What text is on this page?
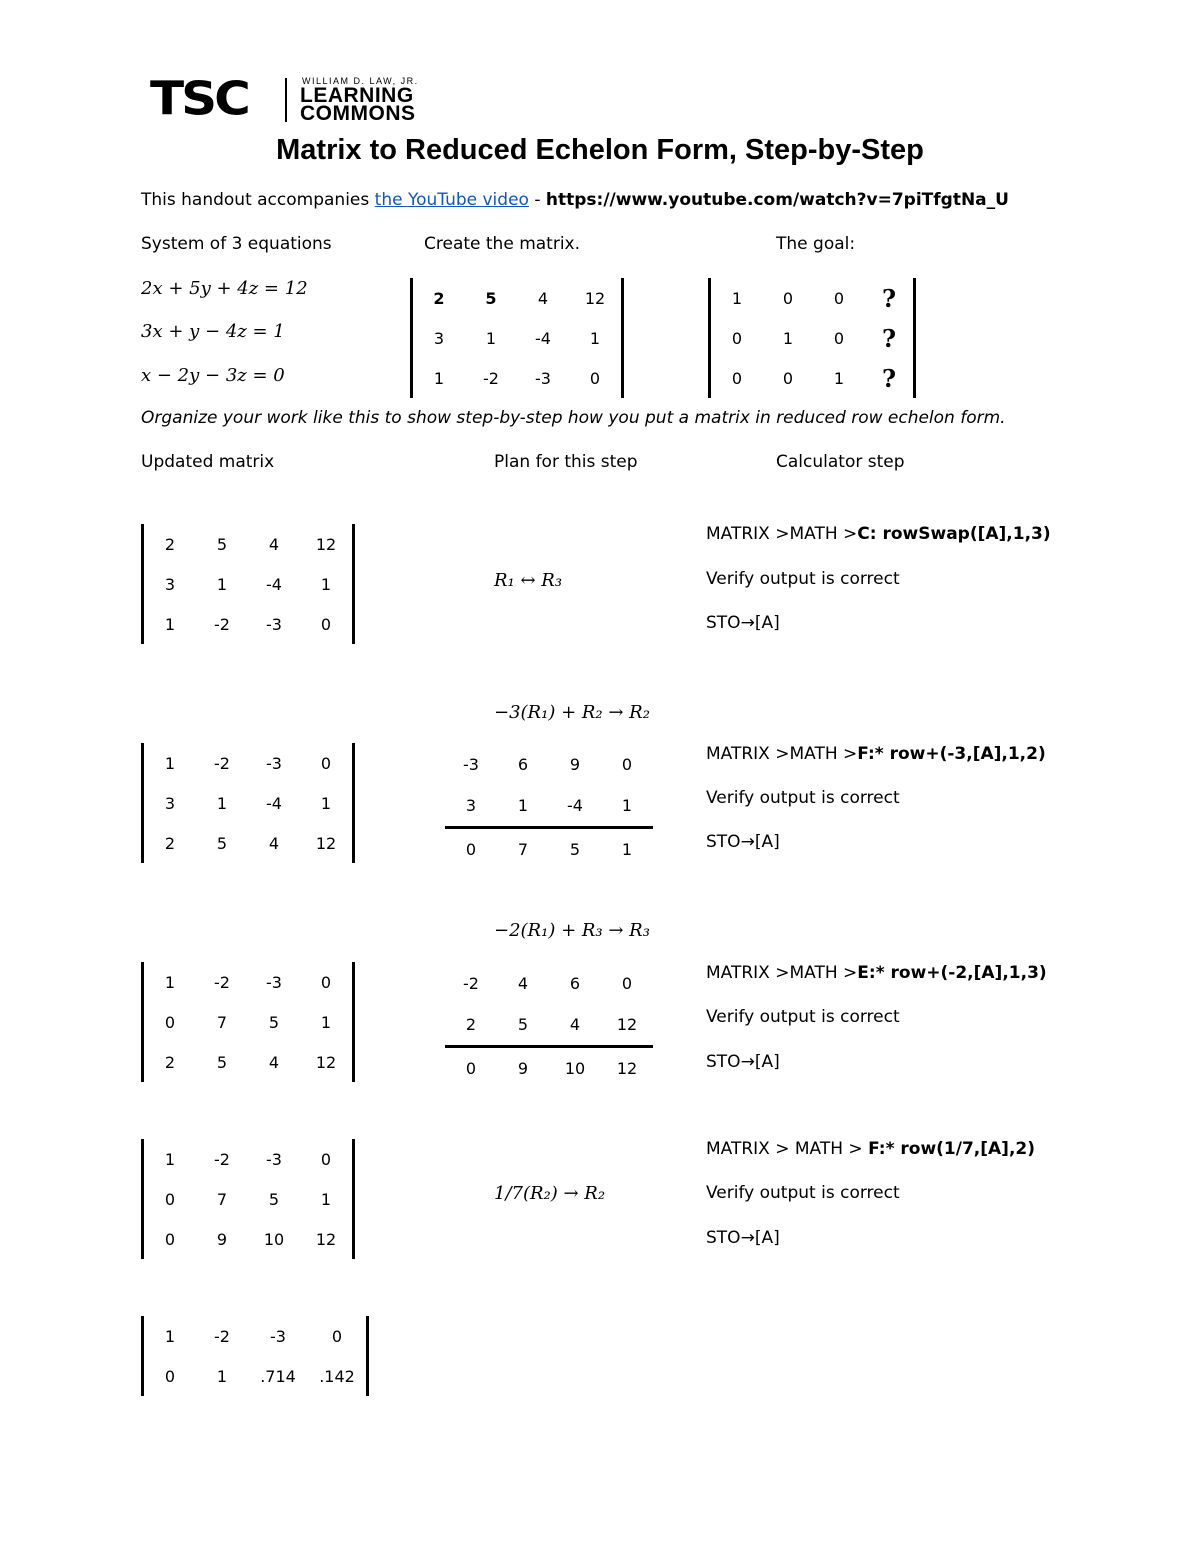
TSC	WILLIAM D. LAW, JR.
LEARNING
COMMONS
Matrix to Reduced Echelon Form, Step-by-Step
This handout accompanies the YouTube video - https://www.youtube.com/watch?v=7piTfgtNa_U
System of 3 equations	Create the matrix.	The goal:
2x + 5y + 4z = 12
3x + y − 4z = 1
x − 2y − 3z = 0
2	5	4	12
3	1	-4	1
1	-2	-3	0
1	0	0	?
0	1	0	?
0	0	1	?
Organize your work like this to show step-by-step how you put a matrix in reduced row echelon form.
Updated matrix	Plan for this step	Calculator step
2	5	4	12
3	1	-4	1
1	-2	-3	0
R₁ ↔ R₃
MATRIX >MATH >C: rowSwap([A],1,3)
Verify output is correct
STO→[A]
1	-2	-3	0
3	1	-4	1
2	5	4	12
−3(R₁) + R₂ → R₂
-3	6	9	0
3	1	-4	1
0	7	5	1
MATRIX >MATH >F:* row+(-3,[A],1,2)
Verify output is correct
STO→[A]
1	-2	-3	0
0	7	5	1
2	5	4	12
−2(R₁) + R₃ → R₃
-2	4	6	0
2	5	4	12
0	9	10	12
MATRIX >MATH >E:* row+(-2,[A],1,3)
Verify output is correct
STO→[A]
1	-2	-3	0
0	7	5	1
0	9	10	12
1/7(R₂) → R₂
MATRIX > MATH > F:* row(1/7,[A],2)
Verify output is correct
STO→[A]
1	-2	-3	0
0	1	.714	.142
